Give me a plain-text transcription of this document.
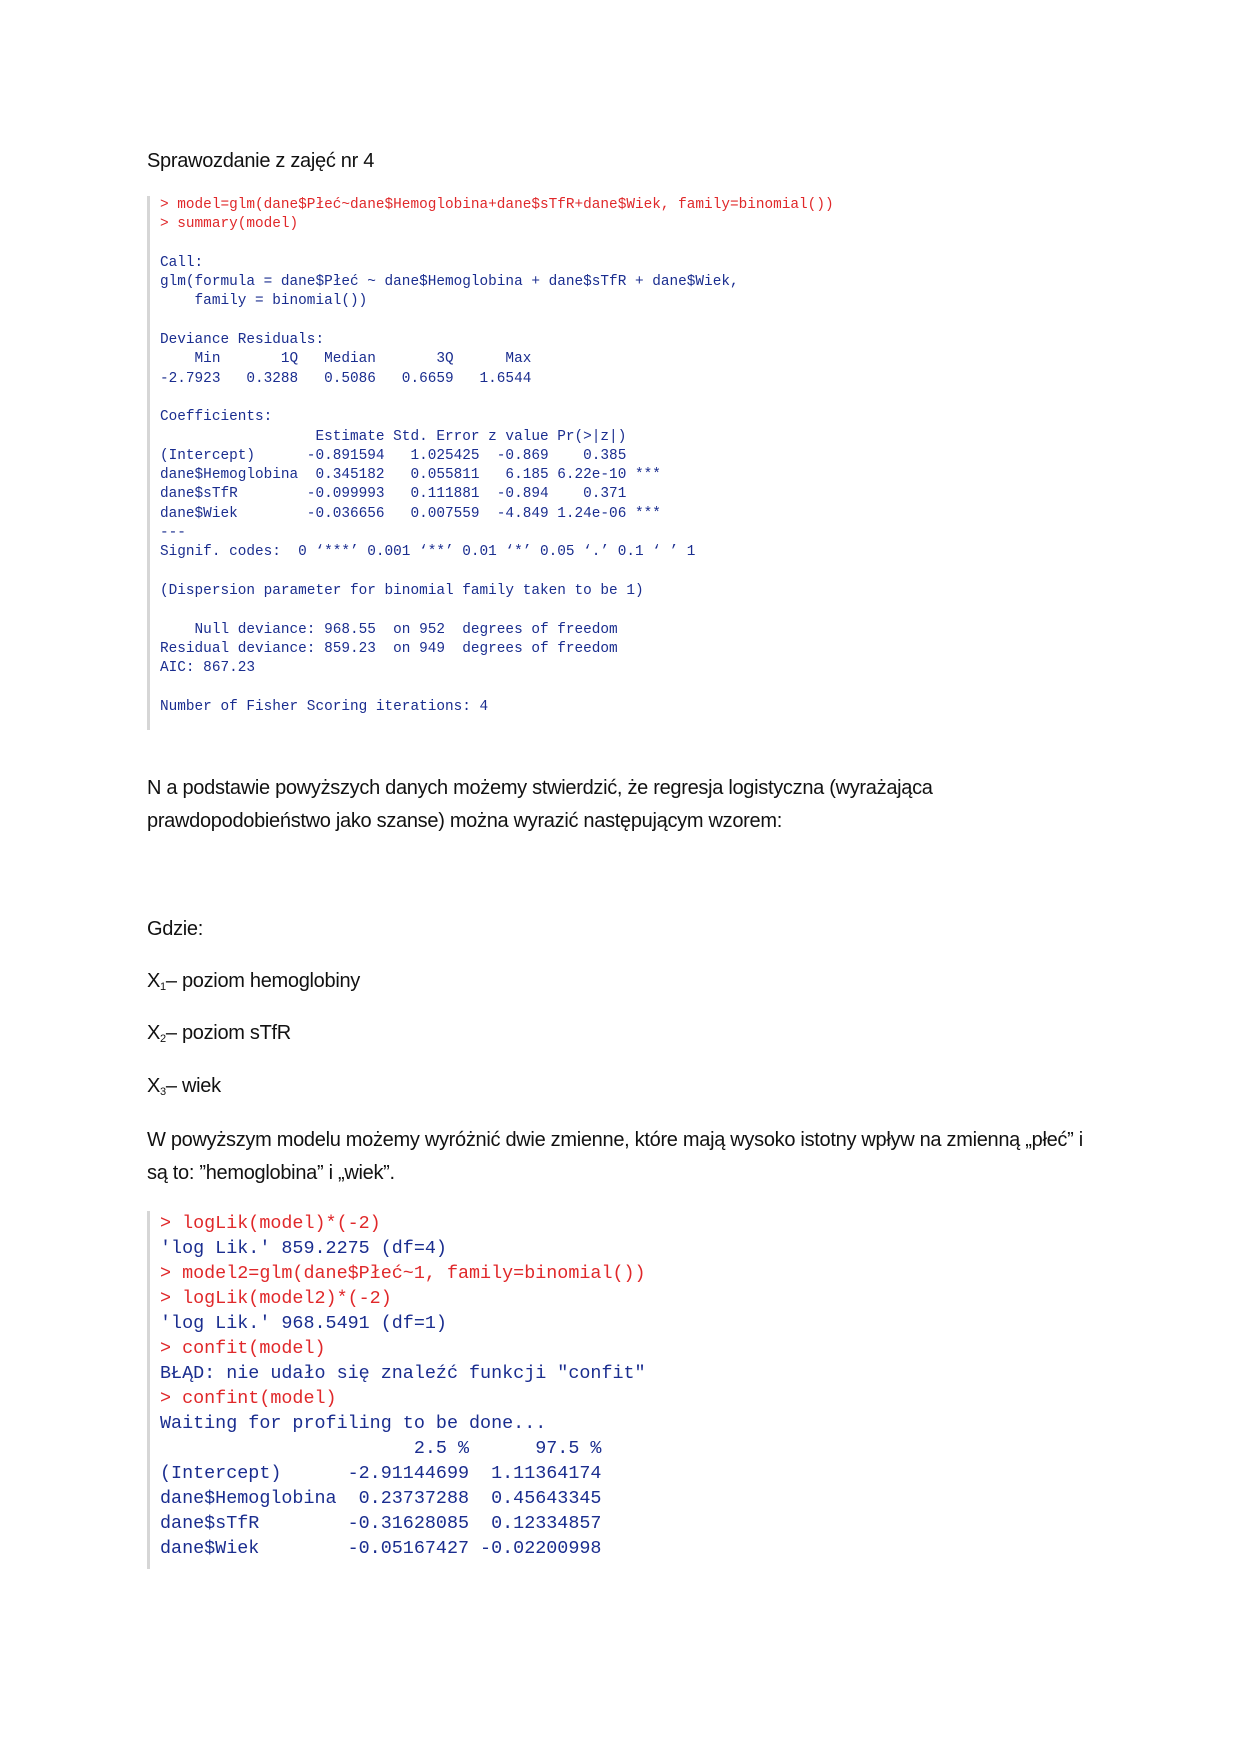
Sprawozdanie z zajęć nr 4
> model=glm(dane$Płeć~dane$Hemoglobina+dane$sTfR+dane$Wiek, family=binomial())
> summary(model)
Call:
glm(formula = dane$Płeć ~ dane$Hemoglobina + dane$sTfR + dane$Wiek,
family = binomial())
Deviance Residuals:
Min       1Q   Median       3Q      Max
-2.7923   0.3288   0.5086   0.6659   1.6544
Coefficients:
Estimate Std. Error z value Pr(>|z|)
(Intercept)      -0.891594   1.025425  -0.869    0.385
dane$Hemoglobina  0.345182   0.055811   6.185 6.22e-10 ***
dane$sTfR        -0.099993   0.111881  -0.894    0.371
dane$Wiek        -0.036656   0.007559  -4.849 1.24e-06 ***
---
Signif. codes:  0 ‘***’ 0.001 ‘**’ 0.01 ‘*’ 0.05 ‘.’ 0.1 ‘ ’ 1
(Dispersion parameter for binomial family taken to be 1)
Null deviance: 968.55  on 952  degrees of freedom
Residual deviance: 859.23  on 949  degrees of freedom
AIC: 867.23
Number of Fisher Scoring iterations: 4
N a podstawie powyższych danych możemy stwierdzić, że regresja logistyczna (wyrażająca prawdopodobieństwo jako szanse) można wyrazić następującym wzorem:
Gdzie:
$X_1-$ poziom hemoglobiny
$X_2-$ poziom sTfR
$X_3-$ wiek
W powyższym modelu możemy wyróżnić dwie zmienne, które mają wysoko istotny wpływ na zmienną „płeć” i są to: ”hemoglobina” i „wiek”.
> logLik(model)*(-2)
'log Lik.' 859.2275 (df=4)
> model2=glm(dane$Płeć~1, family=binomial())
> logLik(model2)*(-2)
'log Lik.' 968.5491 (df=1)
> confit(model)
BŁĄD: nie udało się znaleźć funkcji "confit"
> confint(model)
Waiting for profiling to be done...
2.5 %      97.5 %
(Intercept)      -2.91144699  1.11364174
dane$Hemoglobina  0.23737288  0.45643345
dane$sTfR        -0.31628085  0.12334857
dane$Wiek        -0.05167427 -0.02200998
